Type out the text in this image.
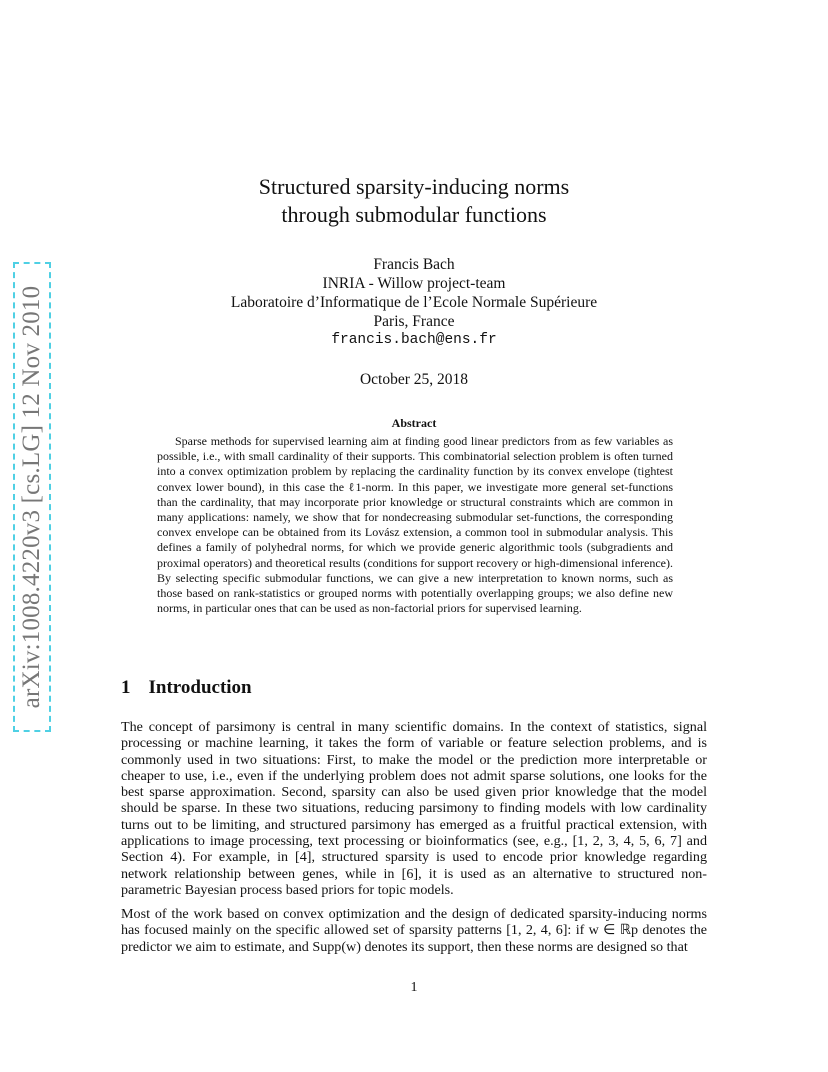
arXiv:1008.4220v3 [cs.LG] 12 Nov 2010
Structured sparsity-inducing norms
through submodular functions
Francis Bach
INRIA - Willow project-team
Laboratoire d’Informatique de l’Ecole Normale Supérieure
Paris, France
francis.bach@ens.fr
October 25, 2018
Abstract

Sparse methods for supervised learning aim at finding good linear predictors from as few variables as possible, i.e., with small cardinality of their supports. This combinatorial selection problem is often turned into a convex optimization problem by replacing the cardinality function by its convex envelope (tightest convex lower bound), in this case the ℓ1-norm. In this paper, we investigate more general set-functions than the cardinality, that may incorporate prior knowledge or structural constraints which are common in many applications: namely, we show that for nondecreasing submodular set-functions, the corresponding convex envelope can be obtained from its Lovász extension, a common tool in submodular analysis. This defines a family of polyhedral norms, for which we provide generic algorithmic tools (subgradients and proximal operators) and theoretical results (conditions for support recovery or high-dimensional inference). By selecting specific submodular functions, we can give a new interpretation to known norms, such as those based on rank-statistics or grouped norms with potentially overlapping groups; we also define new norms, in particular ones that can be used as non-factorial priors for supervised learning.

1 Introduction

The concept of parsimony is central in many scientific domains. In the context of statistics, signal processing or machine learning, it takes the form of variable or feature selection problems, and is commonly used in two situations: First, to make the model or the prediction more interpretable or cheaper to use, i.e., even if the underlying problem does not admit sparse solutions, one looks for the best sparse approximation. Second, sparsity can also be used given prior knowledge that the model should be sparse. In these two situations, reducing parsimony to finding models with low cardinality turns out to be limiting, and structured parsimony has emerged as a fruitful practical extension, with applications to image processing, text processing or bioinformatics (see, e.g., [1, 2, 3, 4, 5, 6, 7] and Section 4). For example, in [4], structured sparsity is used to encode prior knowledge regarding network relationship between genes, while in [6], it is used as an alternative to structured non-parametric Bayesian process based priors for topic models.

Most of the work based on convex optimization and the design of dedicated sparsity-inducing norms has focused mainly on the specific allowed set of sparsity patterns [1, 2, 4, 6]: if w ∈ ℝp denotes the predictor we aim to estimate, and Supp(w) denotes its support, then these norms are designed so that

1
